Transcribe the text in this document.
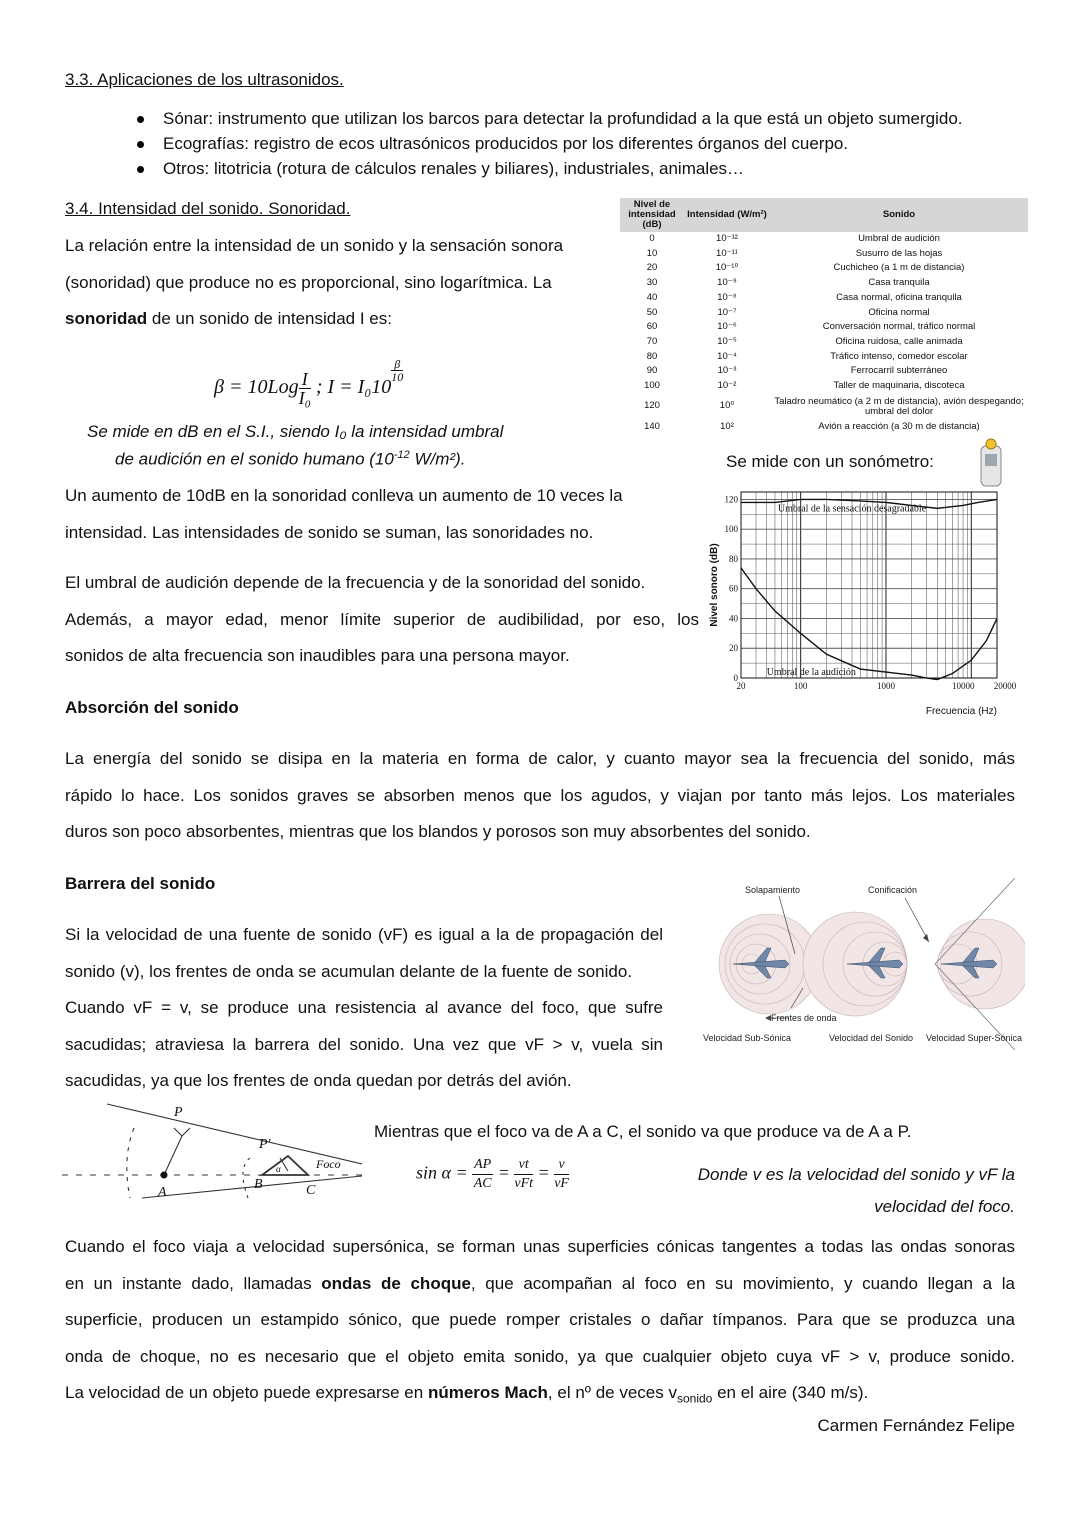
3.3. Aplicaciones de los ultrasonidos.
Sónar: instrumento que utilizan los barcos para detectar la profundidad a la que está un objeto sumergido.
Ecografías: registro de ecos ultrasónicos producidos por los diferentes órganos del cuerpo.
Otros: litotricia (rotura de cálculos renales y biliares), industriales, animales…
3.4. Intensidad del sonido. Sonoridad.
La relación entre la intensidad de un sonido y la sensación sonora
(sonoridad) que produce no es proporcional, sino logarítmica. La
sonoridad de un sonido de intensidad I es:
$\beta = 10Log \frac{I}{\text{I₀}}$ ; I = I₀10
$\frac{\beta}{10}$
Se mide en dB en el S.I., siendo I₀ la intensidad umbral
de audición en el sonido humano ($10^{-12}$ W/m²).
Nivel de intensidad (dB)	Intensidad (W/m²)	Sonido
0	10⁻¹²	Umbral de audición
10	10⁻¹¹	Susurro de las hojas
20	10⁻¹⁰	Cuchicheo (a 1 m de distancia)
30	10⁻⁹	Casa tranquila
40	10⁻⁸	Casa normal, oficina tranquila
50	10⁻⁷	Oficina normal
60	10⁻⁶	Conversación normal, tráfico normal
70	10⁻⁵	Oficina ruidosa, calle animada
80	10⁻⁴	Tráfico intenso, comedor escolar
90	10⁻³	Ferrocarril subterráneo
100	10⁻²	Taller de maquinaria, discoteca
120	10⁰	Taladro neumático (a 2 m de distancia), avión despegando; umbral del dolor
140	10²	Avión a reacción (a 30 m de distancia)
Se mide con un sonómetro:
Un aumento de 10dB en la sonoridad conlleva un aumento de 10 veces la
intensidad. Las intensidades de sonido se suman, las sonoridades no.
El umbral de audición depende de la frecuencia y de la sonoridad del sonido.
Además, a mayor edad, menor límite superior de audibilidad, por eso, los
sonidos de alta frecuencia son inaudibles para una persona mayor.
0
20
40
60
80
100
120
20	100	1000	10000 20000
Nivel sonoro (dB)
Frecuencia (Hz)
Umbral de la sensación desagradable
Umbral de la audición
Absorción del sonido
La energía del sonido se disipa en la materia en forma de calor, y cuanto mayor sea la frecuencia del sonido, más
rápido lo hace. Los sonidos graves se absorben menos que los agudos, y viajan por tanto más lejos. Los materiales
duros son poco absorbentes, mientras que los blandos y porosos son muy absorbentes del sonido.
Barrera del sonido
Si la velocidad de una fuente de sonido (vF) es igual a la de propagación del
sonido (v), los frentes de onda se acumulan delante de la fuente de sonido.
Cuando vF = v, se produce una resistencia al avance del foco, que sufre
sacudidas; atraviesa la barrera del sonido. Una vez que vF > v, vuela sin
sacudidas, ya que los frentes de onda quedan por detrás del avión.
Solapamiento	Conificación
Frentes de onda
Velocidad Sub-Sónica	Velocidad del Sonido Velocidad Super-Sónica
P
P'
A
B	C
Foco
α
Mientras que el foco va de A a C, el sonido va que produce va de A a P.
$\sin \alpha = \frac{AP}{AC} = \frac{vt}{\text{vFt}} = \frac{v}{vF}$	Donde v es la velocidad del sonido y vF la
velocidad del foco.
Cuando el foco viaja a velocidad supersónica, se forman unas superficies cónicas tangentes a todas las ondas sonoras
en un instante dado, llamadas ondas de choque, que acompañan al foco en su movimiento, y cuando llegan a la
superficie, producen un estampido sónico, que puede romper cristales o dañar tímpanos. Para que se produzca una
onda de choque, no es necesario que el objeto emita sonido, ya que cualquier objeto cuya vF > v, produce sonido.
La velocidad de un objeto puede expresarse en números Mach, el nº de veces $v_{sonido}$ en el aire (340 m/s).
Carmen Fernández Felipe
